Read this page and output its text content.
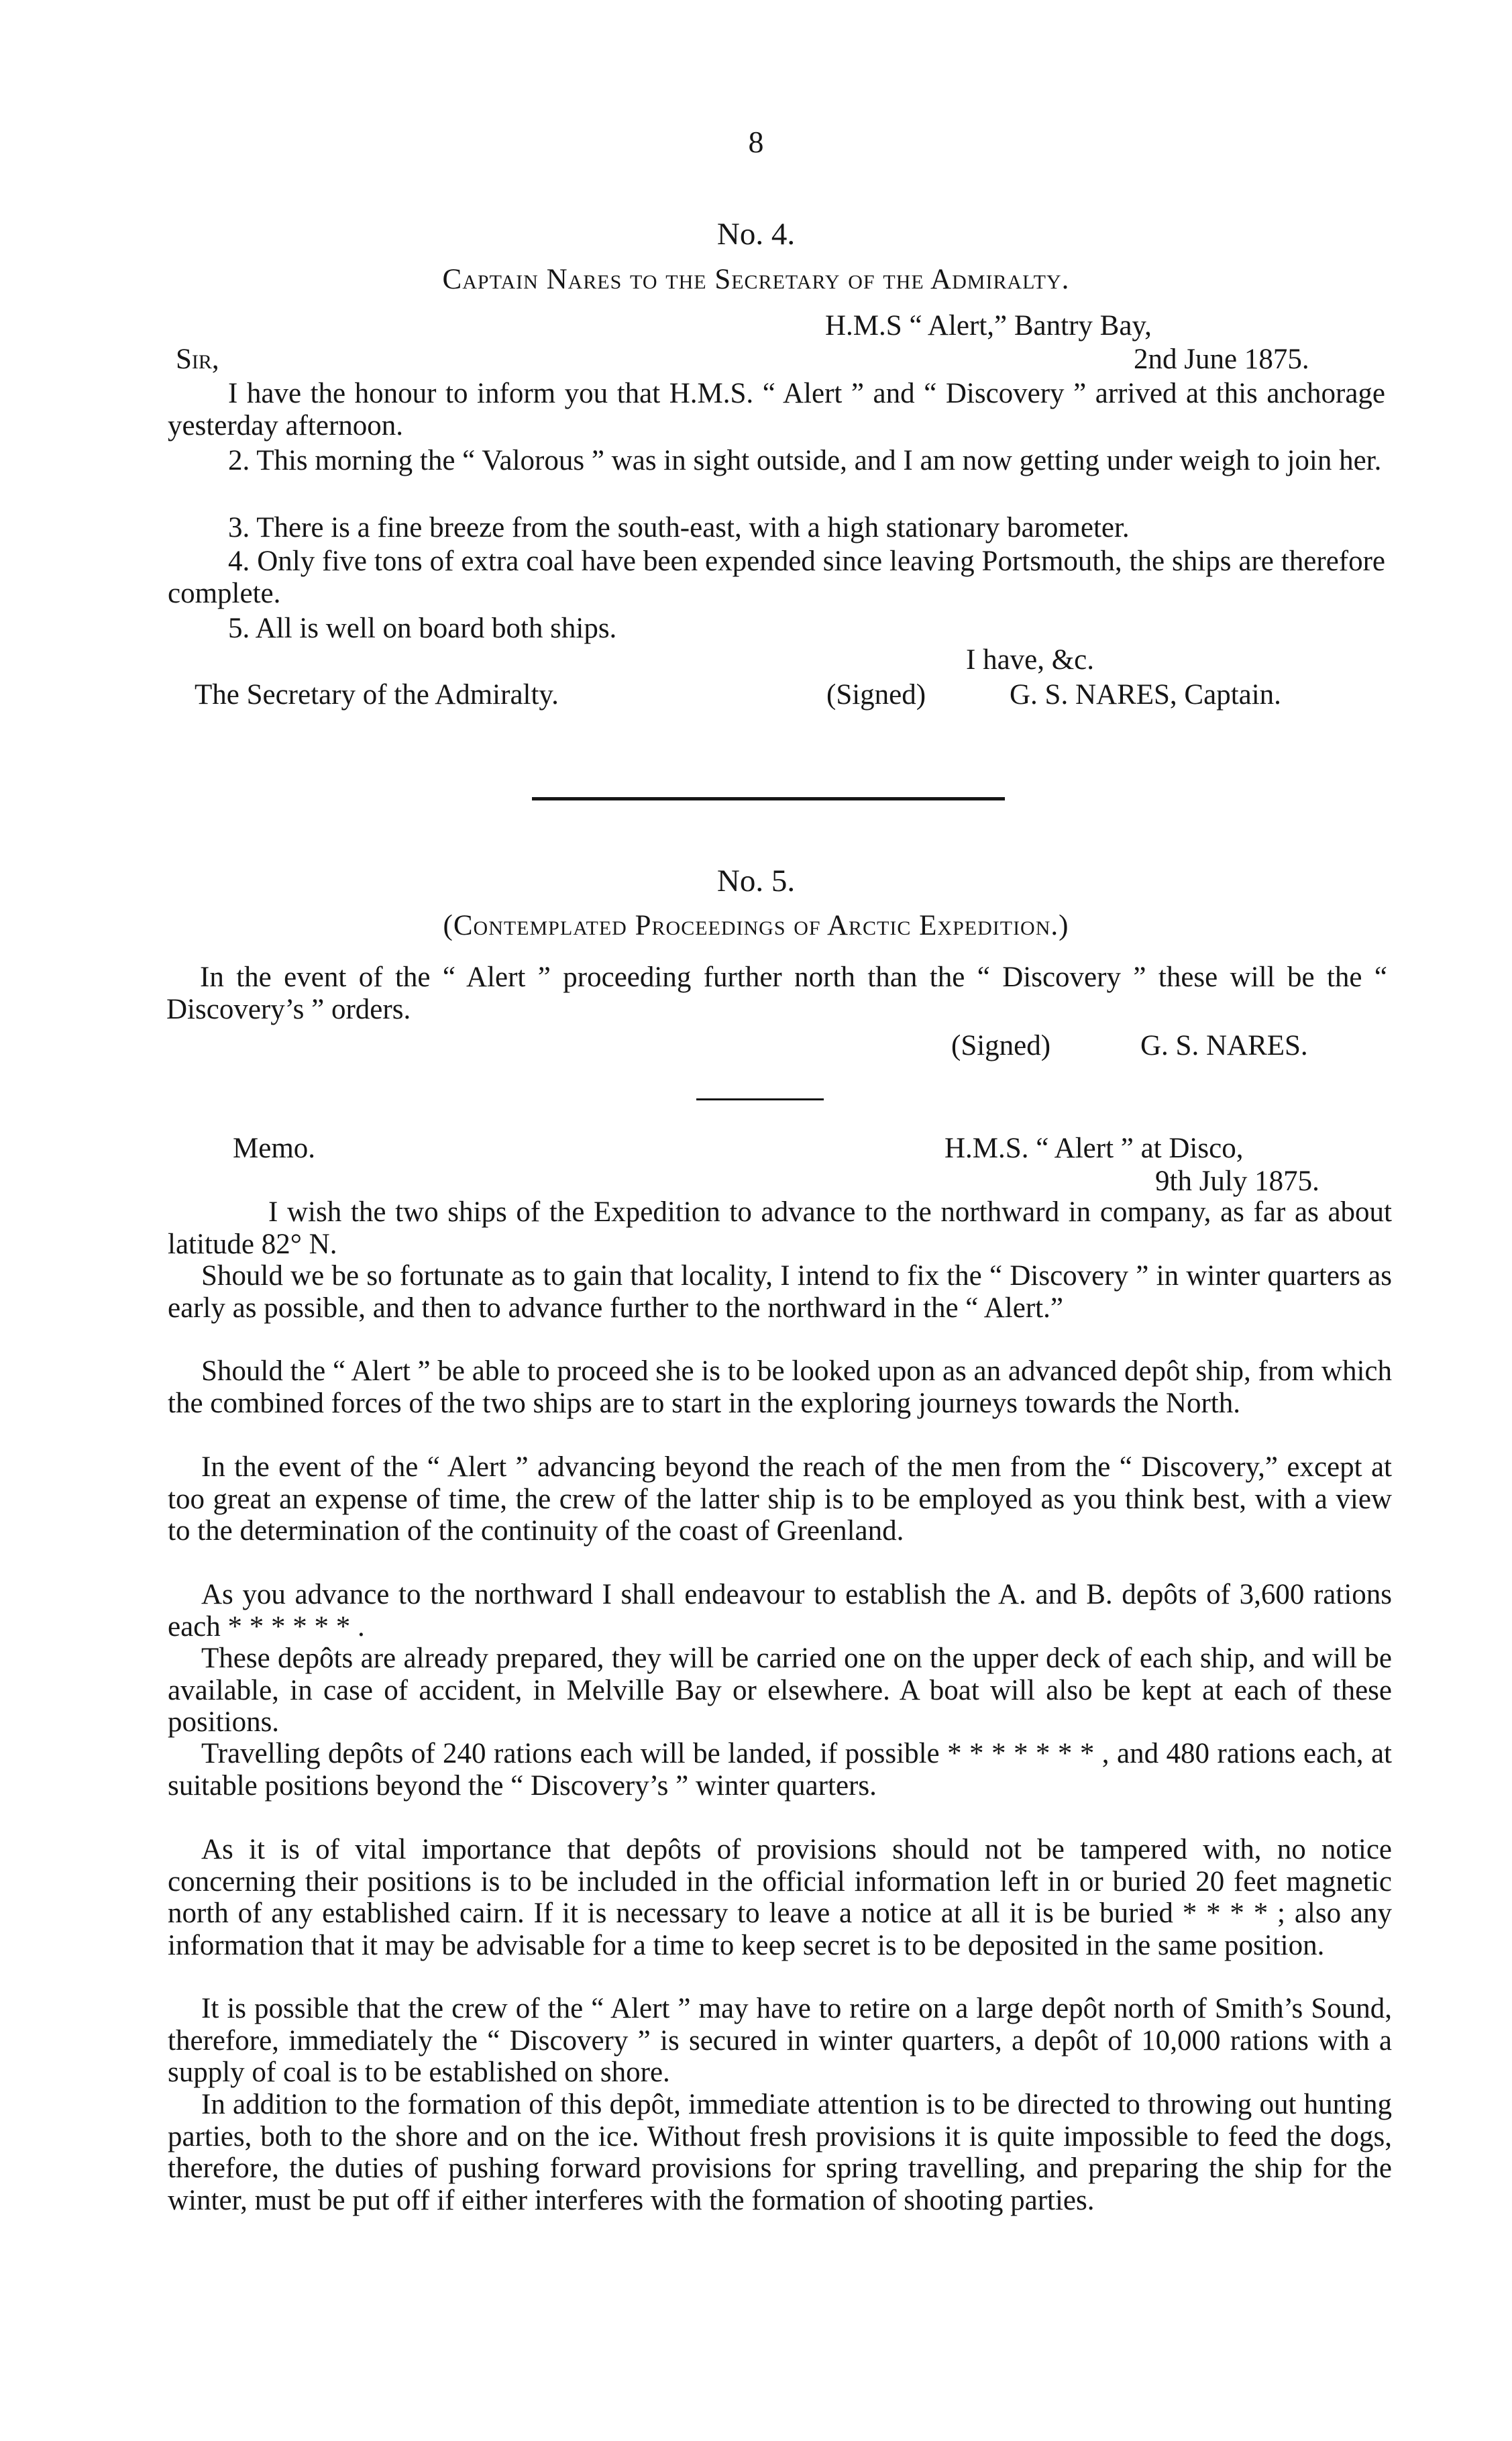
8
No. 4.
Captain Nares to the Secretary of the Admiralty.
H.M.S “ Alert,” Bantry Bay,
Sir,	2nd June 1875.
I have the honour to inform you that H.M.S. “ Alert ” and “ Discovery ” arrived at this anchorage yesterday afternoon.
2. This morning the “ Valorous ” was in sight outside, and I am now getting under weigh to join her.
3. There is a fine breeze from the south-east, with a high stationary barometer.
4. Only five tons of extra coal have been expended since leaving Portsmouth, the ships are therefore complete.
5. All is well on board both ships.
I have, &c.
The Secretary of the Admiralty.	(Signed)	G. S. NARES, Captain.
No. 5.
(Contemplated Proceedings of Arctic Expedition.)
In the event of the “ Alert ” proceeding further north than the “ Discovery ” these will be the “ Discovery’s ” orders.
(Signed)	G. S. NARES.
Memo.	H.M.S. “ Alert ” at Disco,
9th July 1875.
I wish the two ships of the Expedition to advance to the northward in company, as far as about latitude 82° N.
Should we be so fortunate as to gain that locality, I intend to fix the “ Discovery ” in winter quarters as early as possible, and then to advance further to the northward in the “ Alert.”
Should the “ Alert ” be able to proceed she is to be looked upon as an advanced depôt ship, from which the combined forces of the two ships are to start in the exploring journeys towards the North.
In the event of the “ Alert ” advancing beyond the reach of the men from the “ Discovery,” except at too great an expense of time, the crew of the latter ship is to be employed as you think best, with a view to the determination of the continuity of the coast of Greenland.
As you advance to the northward I shall endeavour to establish the A. and B. depôts of 3,600 rations each * * * * * * .
These depôts are already prepared, they will be carried one on the upper deck of each ship, and will be available, in case of accident, in Melville Bay or elsewhere. A boat will also be kept at each of these positions.
Travelling depôts of 240 rations each will be landed, if possible * * * * * * * , and 480 rations each, at suitable positions beyond the “ Discovery’s ” winter quarters.
As it is of vital importance that depôts of provisions should not be tampered with, no notice concerning their positions is to be included in the official information left in or buried 20 feet magnetic north of any established cairn. If it is necessary to leave a notice at all it is be buried * * * * ; also any information that it may be advisable for a time to keep secret is to be deposited in the same position.
It is possible that the crew of the “ Alert ” may have to retire on a large depôt north of Smith’s Sound, therefore, immediately the “ Discovery ” is secured in winter quarters, a depôt of 10,000 rations with a supply of coal is to be established on shore.
In addition to the formation of this depôt, immediate attention is to be directed to throwing out hunting parties, both to the shore and on the ice. Without fresh provisions it is quite impossible to feed the dogs, therefore, the duties of pushing forward provisions for spring travelling, and preparing the ship for the winter, must be put off if either interferes with the formation of shooting parties.
